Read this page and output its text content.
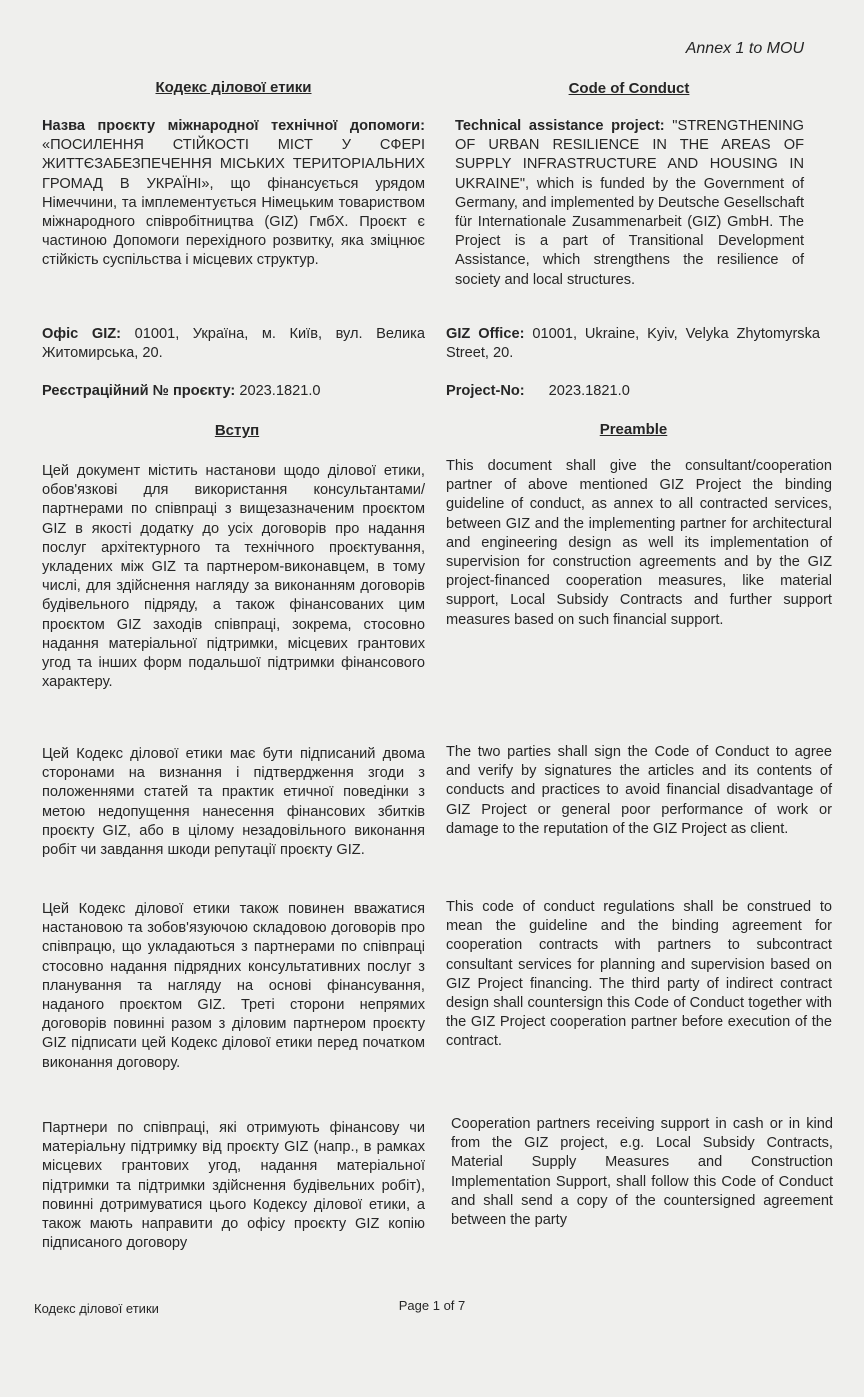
Annex 1 to MOU
Кодекс ділової етики	Code of Conduct
Назва проєкту міжнародної технічної допомоги: «ПОСИЛЕННЯ СТІЙКОСТІ МІСТ У СФЕРІ ЖИТТЄЗАБЕЗПЕЧЕННЯ МІСЬКИХ ТЕРИТОРІАЛЬНИХ ГРОМАД В УКРАЇНІ», що фінансується урядом Німеччини, та імплементується Німецьким товариством міжнародного співробітництва (GIZ) ГмбХ. Проєкт є частиною Допомоги перехідного розвитку, яка зміцнює стійкість суспільства і місцевих структур.
Technical assistance project: "STRENGTHENING OF URBAN RESILIENCE IN THE AREAS OF SUPPLY INFRASTRUCTURE AND HOUSING IN UKRAINE", which is funded by the Government of Germany, and implemented by Deutsche Gesellschaft für Internationale Zusammenarbeit (GIZ) GmbH. The Project is a part of Transitional Development Assistance, which strengthens the resilience of society and local structures.
Офіс GIZ: 01001, Україна, м. Київ, вул. Велика Житомирська, 20.
GIZ Office: 01001, Ukraine, Kyiv, Velyka Zhytomyrska Street, 20.
Реєстраційний № проєкту: 2023.1821.0	Project-No: 2023.1821.0
Вступ	Preamble
Цей документ містить настанови щодо ділової етики, обов'язкові для використання консультантами/партнерами по співпраці з вищезазначеним проєктом GIZ в якості додатку до усіх договорів про надання послуг архітектурного та технічного проєктування, укладених між GIZ та партнером-виконавцем, в тому числі, для здійснення нагляду за виконанням договорів будівельного підряду, а також фінансованих цим проєктом GIZ заходів співпраці, зокрема, стосовно надання матеріальної підтримки, місцевих грантових угод та інших форм подальшої підтримки фінансового характеру.
This document shall give the consultant/cooperation partner of above mentioned GIZ Project the binding guideline of conduct, as annex to all contracted services, between GIZ and the implementing partner for architectural and engineering design as well its implementation of supervision for construction agreements and by the GIZ project-financed cooperation measures, like material support, Local Subsidy Contracts and further support measures based on such financial support.
Цей Кодекс ділової етики має бути підписаний двома сторонами на визнання і підтвердження згоди з положеннями статей та практик етичної поведінки з метою недопущення нанесення фінансових збитків проєкту GIZ, або в цілому незадовільного виконання робіт чи завдання шкоди репутації проєкту GIZ.
The two parties shall sign the Code of Conduct to agree and verify by signatures the articles and its contents of conducts and practices to avoid financial disadvantage of GIZ Project or general poor performance of work or damage to the reputation of the GIZ Project as client.
Цей Кодекс ділової етики також повинен вважатися настановою та зобов'язуючою складовою договорів про співпрацю, що укладаються з партнерами по співпраці стосовно надання підрядних консультативних послуг з планування та нагляду на основі фінансування, наданого проєктом GIZ. Треті сторони непрямих договорів повинні разом з діловим партнером проєкту GIZ підписати цей Кодекс ділової етики перед початком виконання договору.
This code of conduct regulations shall be construed to mean the guideline and the binding agreement for cooperation contracts with partners to subcontract consultant services for planning and supervision based on GIZ Project financing. The third party of indirect contract design shall countersign this Code of Conduct together with the GIZ Project cooperation partner before execution of the contract.
Партнери по співпраці, які отримують фінансову чи матеріальну підтримку від проєкту GIZ (напр., в рамках місцевих грантових угод, надання матеріальної підтримки та підтримки здійснення будівельних робіт), повинні дотримуватися цього Кодексу ділової етики, а також мають направити до офісу проєкту GIZ копію підписаного договору
Cooperation partners receiving support in cash or in kind from the GIZ project, e.g. Local Subsidy Contracts, Material Supply Measures and Construction Implementation Support, shall follow this Code of Conduct and shall send a copy of the countersigned agreement between the party
Кодекс ділової етики	Page 1 of 7
